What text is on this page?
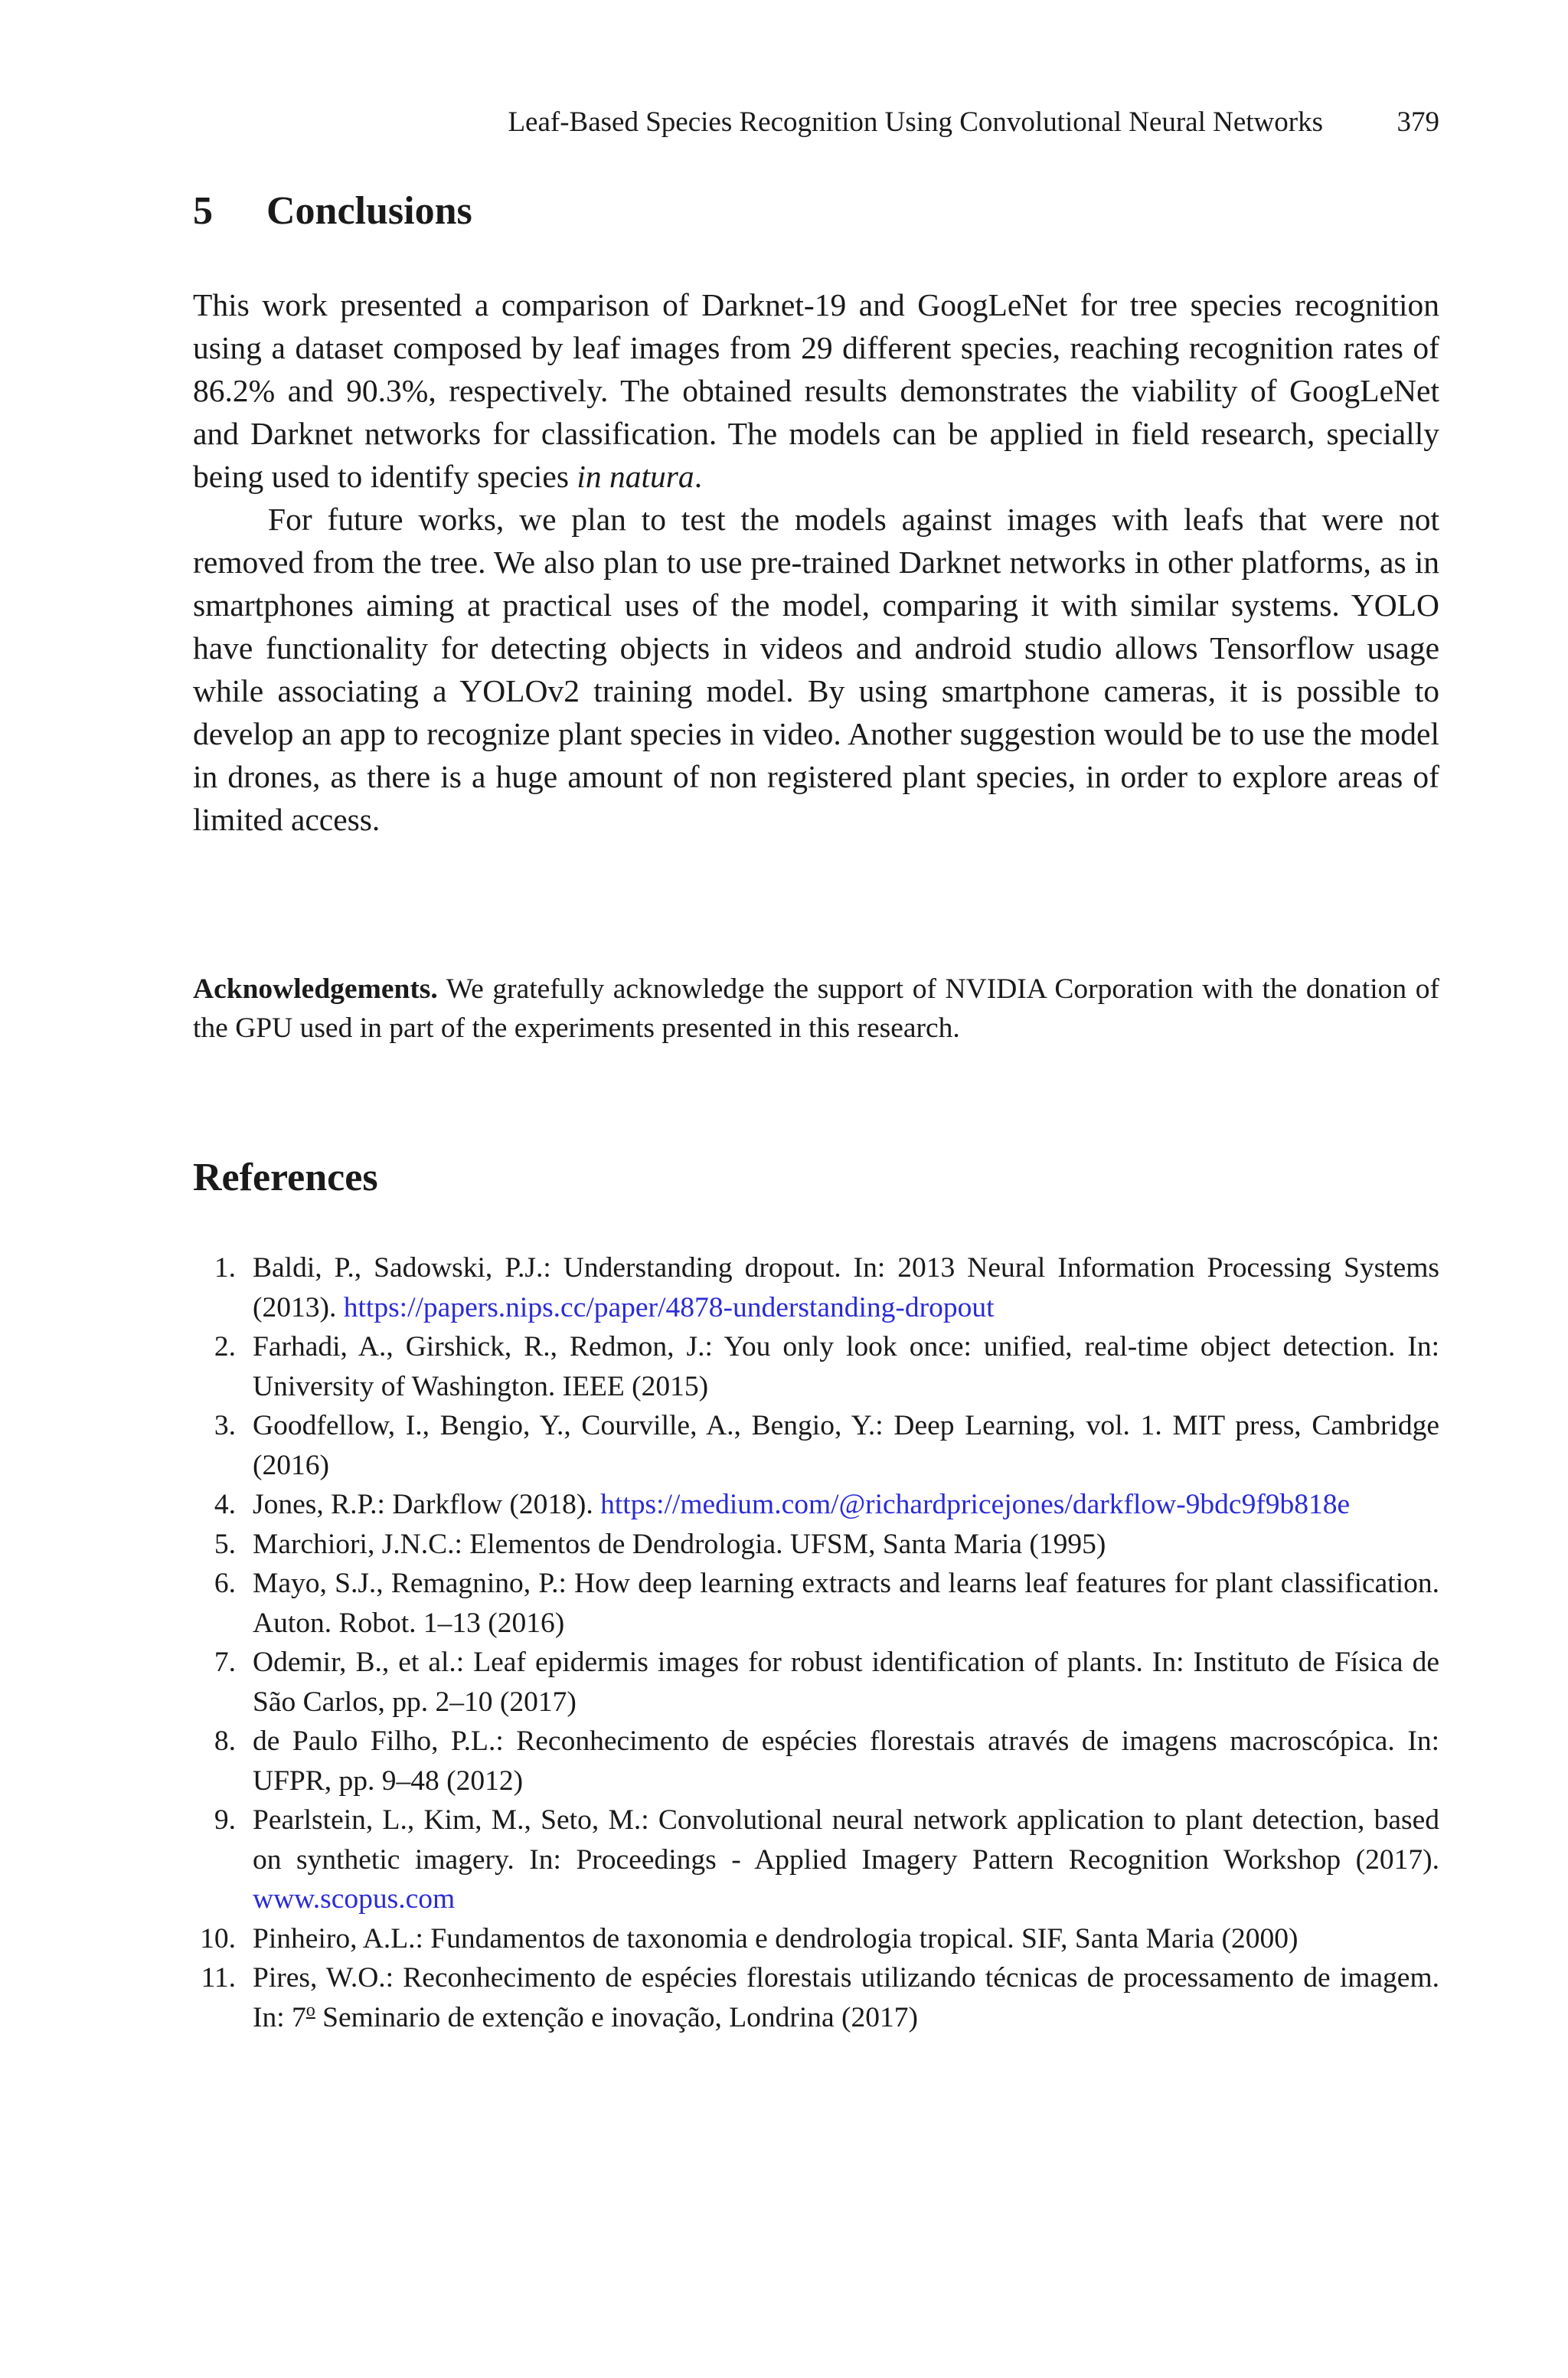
Leaf-Based Species Recognition Using Convolutional Neural Networks	379
5 Conclusions

This work presented a comparison of Darknet-19 and GoogLeNet for tree species recognition using a dataset composed by leaf images from 29 different species, reaching recognition rates of 86.2% and 90.3%, respectively. The obtained results demonstrates the viability of GoogLeNet and Darknet networks for classification. The models can be applied in field research, specially being used to identify species in natura.

For future works, we plan to test the models against images with leafs that were not removed from the tree. We also plan to use pre-trained Darknet networks in other platforms, as in smartphones aiming at practical uses of the model, comparing it with similar systems. YOLO have functionality for detecting objects in videos and android studio allows Tensorflow usage while associating a YOLOv2 training model. By using smartphone cameras, it is possible to develop an app to recognize plant species in video. Another suggestion would be to use the model in drones, as there is a huge amount of non registered plant species, in order to explore areas of limited access.

Acknowledgements. We gratefully acknowledge the support of NVIDIA Corporation with the donation of the GPU used in part of the experiments presented in this research.
References
1. Baldi, P., Sadowski, P.J.: Understanding dropout. In: 2013 Neural Information Processing Systems (2013). https://papers.nips.cc/paper/4878-understanding-dropout
2. Farhadi, A., Girshick, R., Redmon, J.: You only look once: unified, real-time object detection. In: University of Washington. IEEE (2015)
3. Goodfellow, I., Bengio, Y., Courville, A., Bengio, Y.: Deep Learning, vol. 1. MIT press, Cambridge (2016)
4. Jones, R.P.: Darkflow (2018). https://medium.com/@richardpricejones/darkflow-9bdc9f9b818e
5. Marchiori, J.N.C.: Elementos de Dendrologia. UFSM, Santa Maria (1995)
6. Mayo, S.J., Remagnino, P.: How deep learning extracts and learns leaf features for plant classification. Auton. Robot. 1–13 (2016)
7. Odemir, B., et al.: Leaf epidermis images for robust identification of plants. In: Instituto de Física de São Carlos, pp. 2–10 (2017)
8. de Paulo Filho, P.L.: Reconhecimento de espécies florestais através de imagens macroscópica. In: UFPR, pp. 9–48 (2012)
9. Pearlstein, L., Kim, M., Seto, M.: Convolutional neural network application to plant detection, based on synthetic imagery. In: Proceedings - Applied Imagery Pattern Recognition Workshop (2017). www.scopus.com
10. Pinheiro, A.L.: Fundamentos de taxonomia e dendrologia tropical. SIF, Santa Maria (2000)
11. Pires, W.O.: Reconhecimento de espécies florestais utilizando técnicas de processamento de imagem. In: 7$^o$ Seminario de extenção e inovação, Londrina (2017)
